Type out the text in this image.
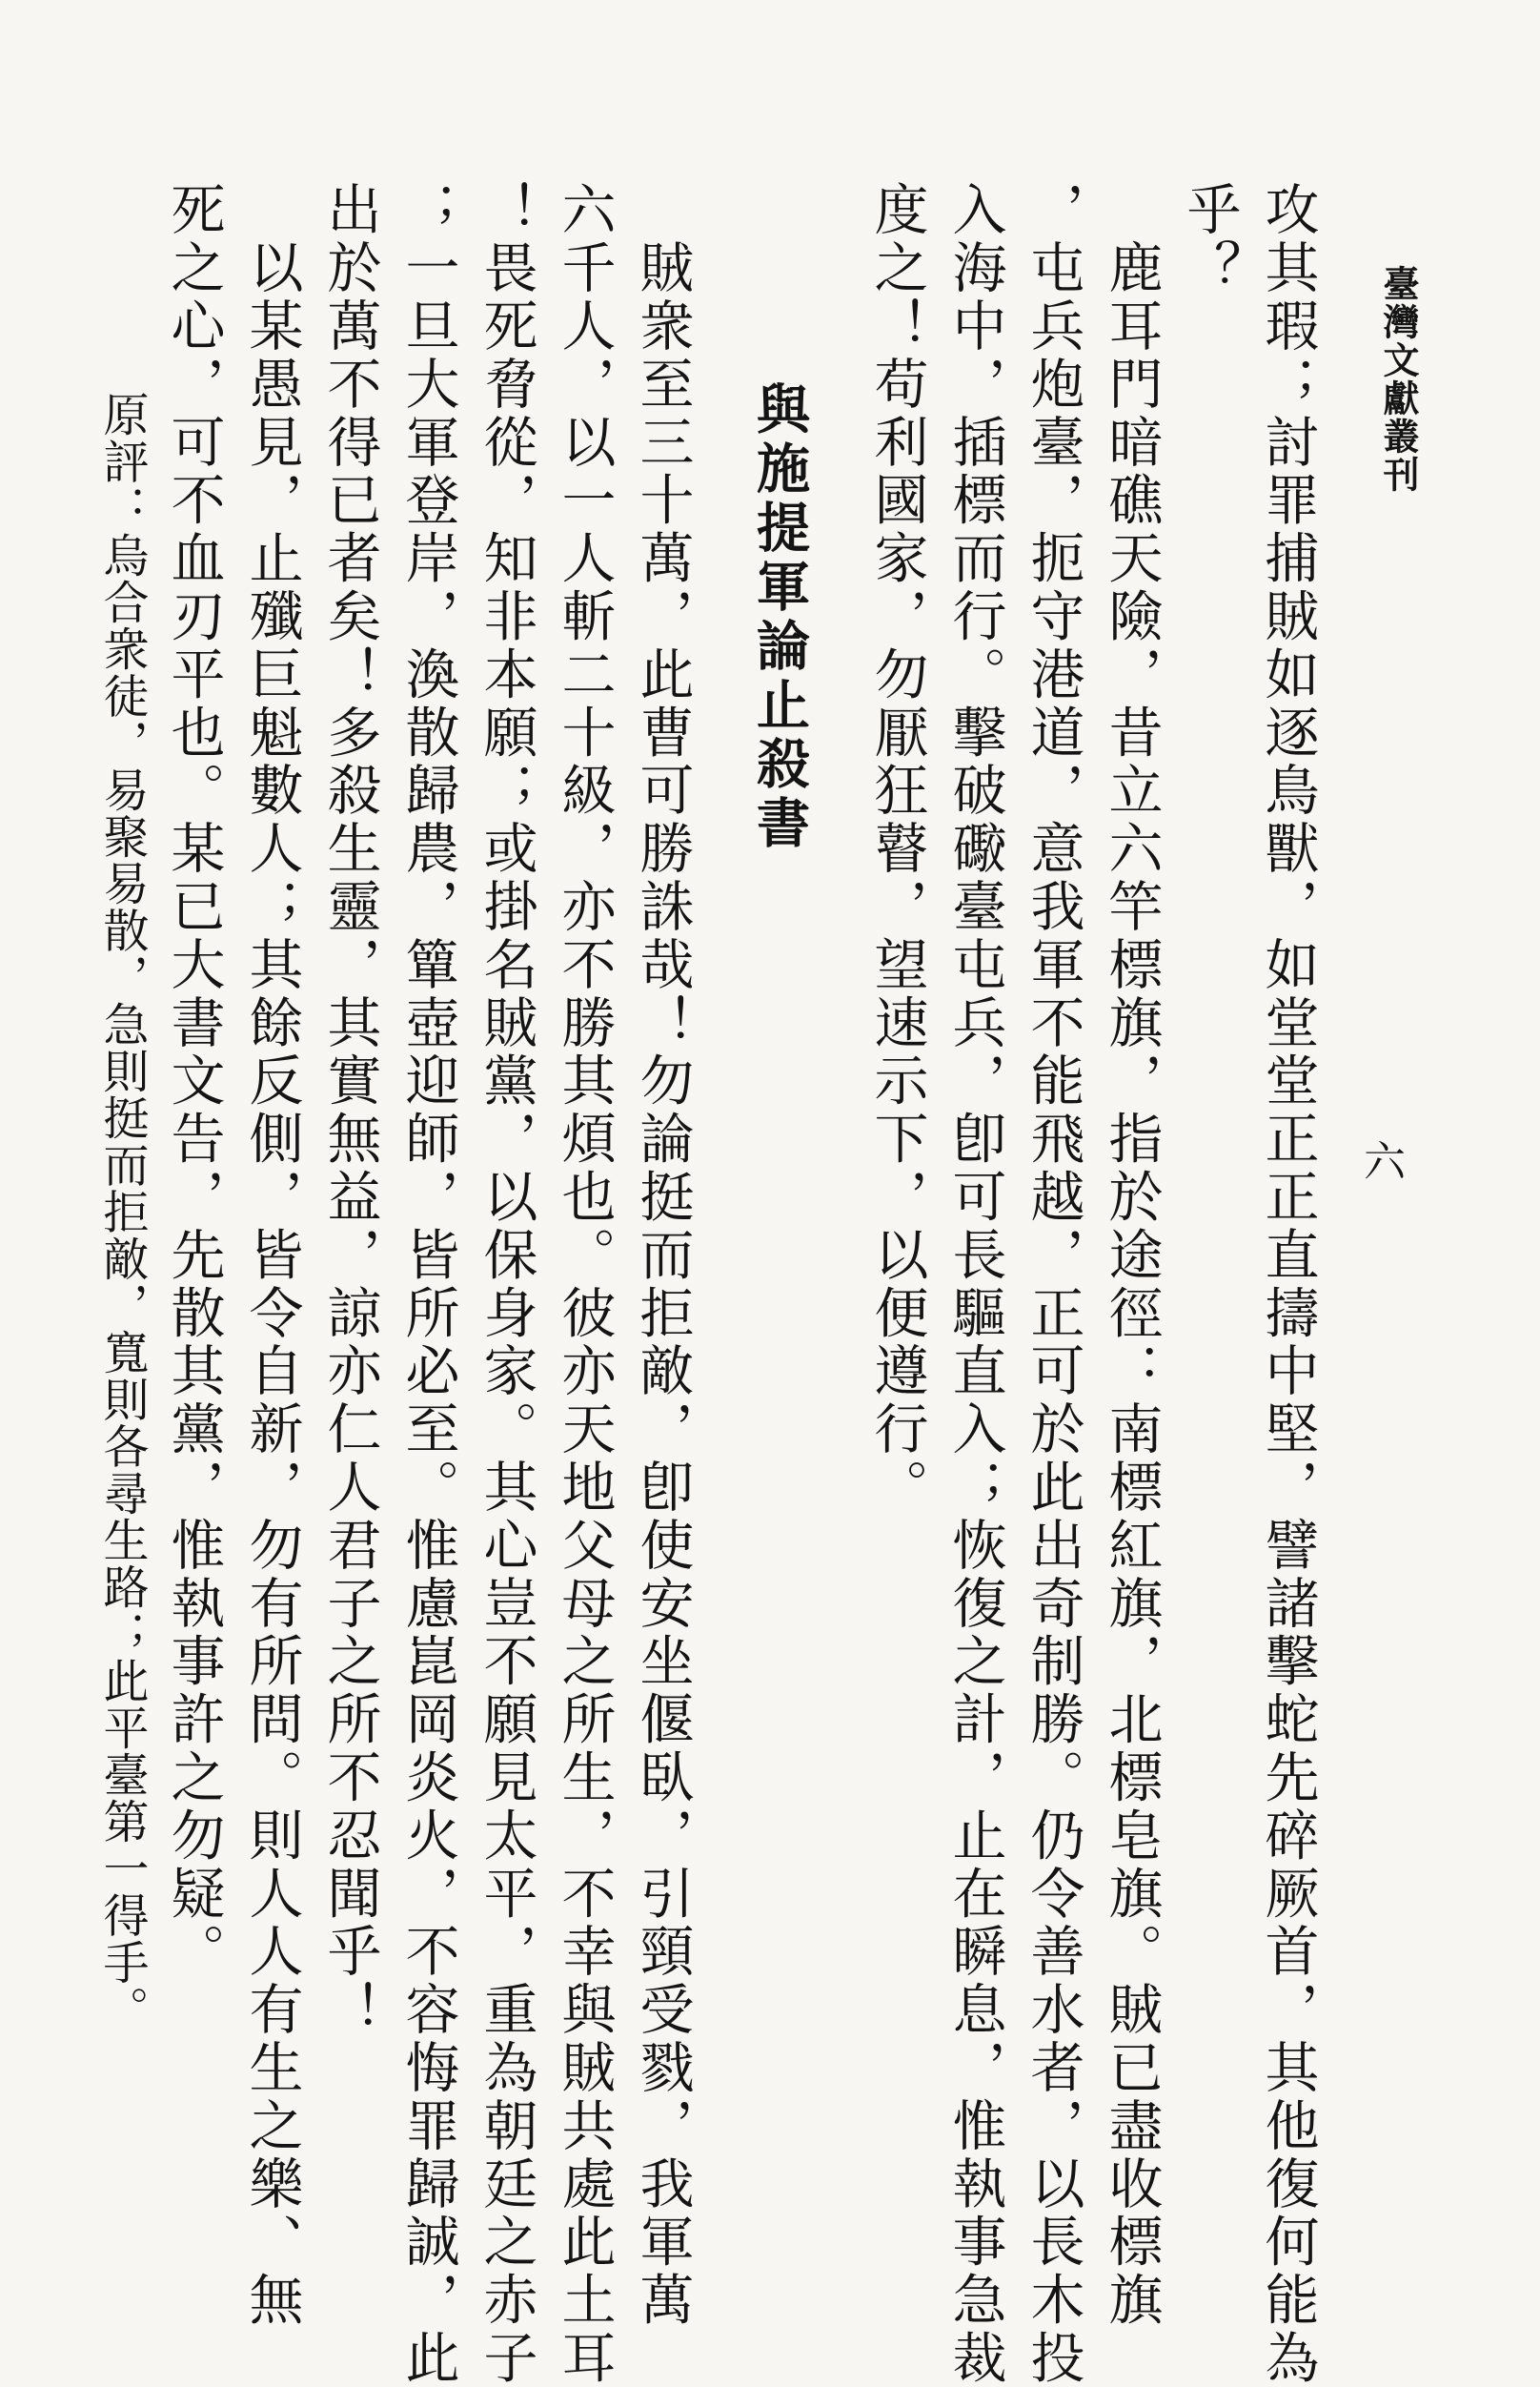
臺灣文獻叢刊
六
攻其瑕；討罪捕賊如逐鳥獸，如堂堂正正直擣中堅，譬諸擊蛇先碎厥首，其他復何能為
乎？
　鹿耳門暗礁天險，昔立六竿標旗，指於途徑：南標紅旗，北標皂旗。賊已盡收標旗
，屯兵炮臺，扼守港道，意我軍不能飛越，正可於此出奇制勝。仍令善水者，以長木投
入海中，插標而行。擊破礮臺屯兵，卽可長驅直入；恢復之計，止在瞬息，惟執事急裁
度之！苟利國家，勿厭狂瞽，望速示下，以便遵行。
與施提軍論止殺書
　賊衆至三十萬，此曹可勝誅哉！勿論挺而拒敵，卽使安坐偃臥，引頸受戮，我軍萬
六千人，以一人斬二十級，亦不勝其煩也。彼亦天地父母之所生，不幸與賊共處此土耳
！畏死脅從，知非本願；或掛名賊黨，以保身家。其心豈不願見太平，重為朝廷之赤子
；一旦大軍登岸，渙散歸農，簞壺迎師，皆所必至。惟慮崑岡炎火，不容悔罪歸誠，此
出於萬不得已者矣！多殺生靈，其實無益，諒亦仁人君子之所不忍聞乎！
　以某愚見，止殲巨魁數人；其餘反側，皆令自新，勿有所問。則人人有生之樂、無
死之心，可不血刃平也。某已大書文告，先散其黨，惟執事許之勿疑。
原評：烏合衆徒，易聚易散，急則挺而拒敵，寬則各尋生路；此平臺第一得手。
